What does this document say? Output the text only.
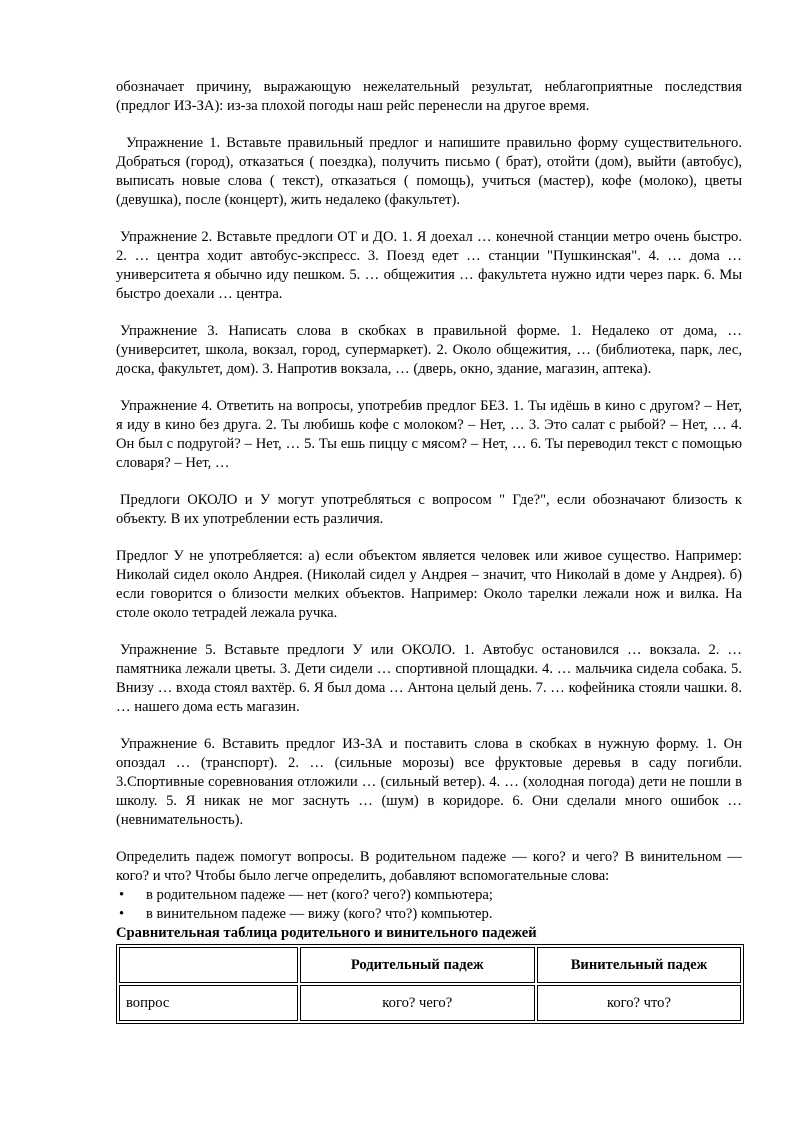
обозначает причину, выражающую нежелательный результат, неблагоприятные последствия (предлог ИЗ-ЗА): из-за плохой погоды наш рейс перенесли на другое время.

Упражнение 1. Вставьте правильный предлог и напишите правильно форму существительного. Добраться (город), отказаться ( поездка), получить письмо ( брат), отойти (дом), выйти (автобус), выписать новые слова ( текст), отказаться ( помощь), учиться (мастер), кофе (молоко), цветы (девушка), после (концерт), жить недалеко (факультет).

Упражнение 2. Вставьте предлоги ОТ и ДО. 1. Я доехал … конечной станции метро очень быстро. 2. … центра ходит автобус-экспресс. 3. Поезд едет … станции "Пушкинская". 4. … дома … университета я обычно иду пешком. 5. … общежития … факультета нужно идти через парк. 6. Мы быстро доехали … центра.

Упражнение 3. Написать слова в скобках в правильной форме. 1. Недалеко от дома, … (университет, школа, вокзал, город, супермаркет). 2. Около общежития, … (библиотека, парк, лес, доска, факультет, дом). 3. Напротив вокзала, … (дверь, окно, здание, магазин, аптека).

Упражнение 4. Ответить на вопросы, употребив предлог БЕЗ. 1. Ты идёшь в кино с другом? – Нет, я иду в кино без друга. 2. Ты любишь кофе с молоком? – Нет, … 3. Это салат с рыбой? – Нет, … 4. Он был с подругой? – Нет, … 5. Ты ешь пиццу с мясом? – Нет, … 6. Ты переводил текст с помощью словаря? – Нет, …

Предлоги ОКОЛО и У могут употребляться с вопросом " Где?", если обозначают близость к объекту. В их употреблении есть различия.

Предлог У не употребляется: а) если объектом является человек или живое существо. Например: Николай сидел около Андрея. (Николай сидел у Андрея – значит, что Николай в доме у Андрея). б) если говорится о близости мелких объектов. Например: Около тарелки лежали нож и вилка. На столе около тетрадей лежала ручка.

Упражнение 5. Вставьте предлоги У или ОКОЛО. 1. Автобус остановился … вокзала. 2. … памятника лежали цветы. 3. Дети сидели … спортивной площадки. 4. … мальчика сидела собака. 5. Внизу … входа стоял вахтёр. 6. Я был дома … Антона целый день. 7. … кофейника стояли чашки. 8. … нашего дома есть магазин.

Упражнение 6. Вставить предлог ИЗ-ЗА и поставить слова в скобках в нужную форму. 1. Он опоздал … (транспорт). 2. … (сильные морозы) все фруктовые деревья в саду погибли. 3.Спортивные соревнования отложили … (сильный ветер). 4. … (холодная погода) дети не пошли в школу. 5. Я никак не мог заснуть … (шум) в коридоре. 6. Они сделали много ошибок … (невнимательность).

Определить падеж помогут вопросы. В родительном падеже — кого? и чего? В винительном — кого? и что? Чтобы было легче определить, добавляют вспомогательные слова:

• в родительном падеже — нет (кого? чего?) компьютера;
• в винительном падеже — вижу (кого? что?) компьютер.

Сравнительная таблица родительного и винительного падежей

	Родительный падеж	Винительный падеж
вопрос	кого? чего?	кого? что?
